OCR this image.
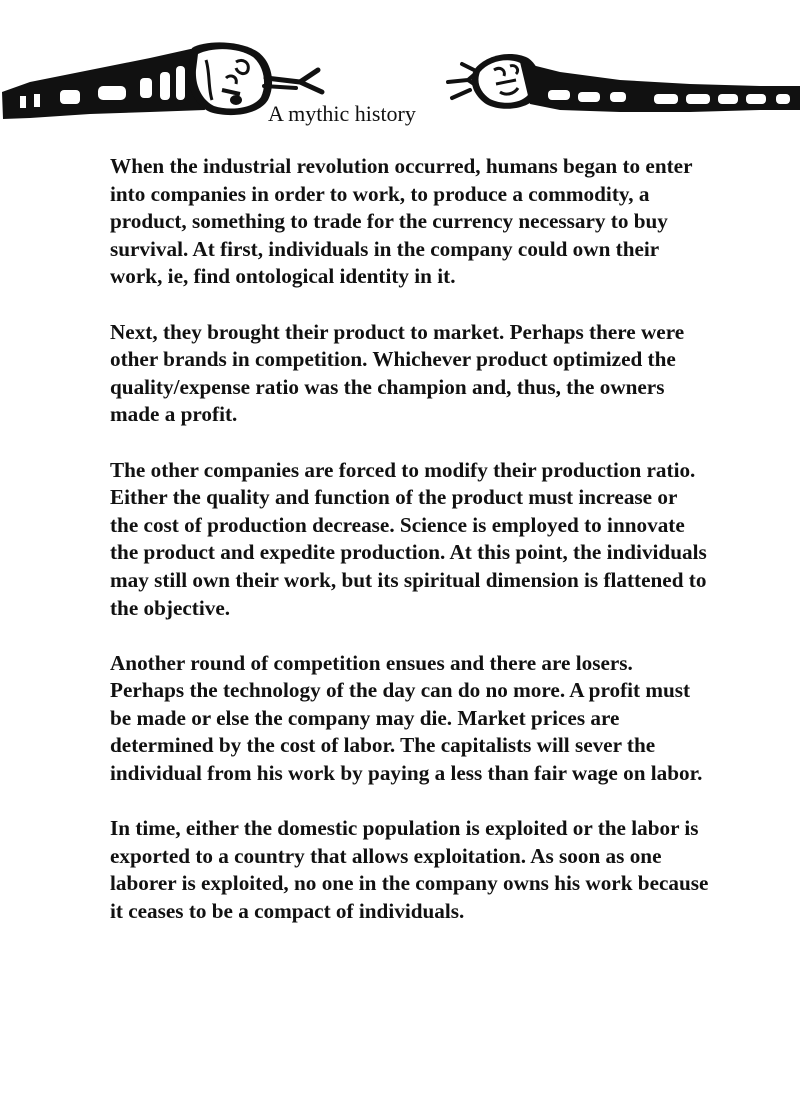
A mythic history

When the industrial revolution occurred, humans began to enter into companies in order to work, to produce a commodity, a product, something to trade for the currency necessary to buy survival. At first, individuals in the company could own their work, ie, find ontological identity in it.

Next, they brought their product to market. Perhaps there were other brands in competition. Whichever product optimized the quality/expense ratio was the champion and, thus, the owners made a profit.

The other companies are forced to modify their production ratio. Either the quality and function of the product must increase or the cost of production decrease. Science is employed to innovate the product and expedite production. At this point, the individuals may still own their work, but its spiritual dimension is flattened to the objective.

Another round of competition ensues and there are losers. Perhaps the technology of the day can do no more. A profit must be made or else the company may die. Market prices are determined by the cost of labor. The capitalists will sever the individual from his work by paying a less than fair wage on labor.

In time, either the domestic population is exploited or the labor is exported to a country that allows exploitation. As soon as one laborer is exploited, no one in the company owns his work because it ceases to be a compact of individuals.
